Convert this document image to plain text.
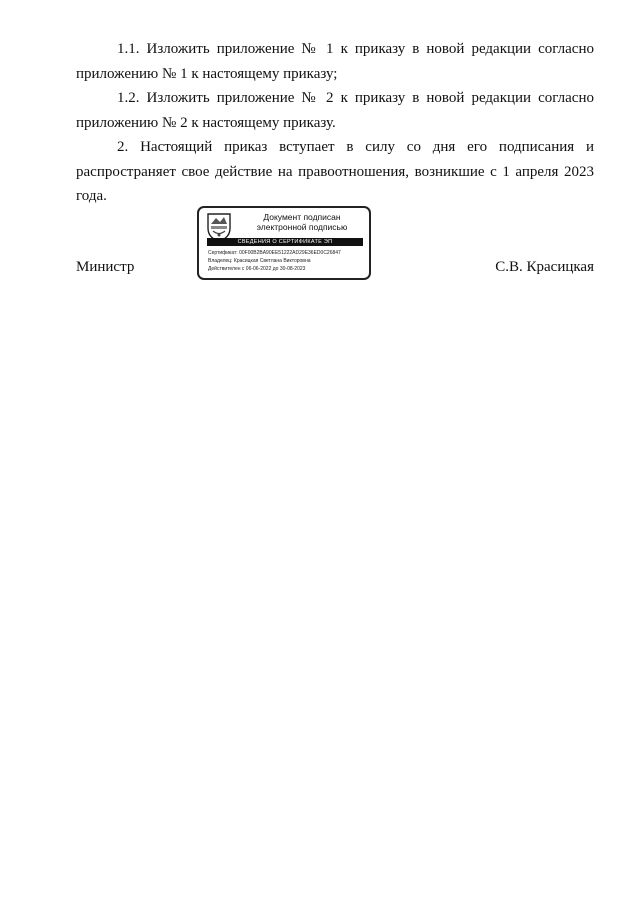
1.1. Изложить приложение № 1 к приказу в новой редакции согласно приложению № 1 к настоящему приказу;

1.2. Изложить приложение № 2 к приказу в новой редакции согласно приложению № 2 к настоящему приказу.

2. Настоящий приказ вступает в силу со дня его подписания и распространяет свое действие на правоотношения, возникшие с 1 апреля 2023 года.

Министр	С.В. Красицкая
Документ подписан
электронной подписью
СВЕДЕНИЯ О СЕРТИФИКАТЕ ЭП
Сертификат: 00F00B2BA90EE51222AD29E36ED0C26847
Владелец: Красицкая Светлана Викторовна
Действителен с 06-06-2022 до 30-08-2023
